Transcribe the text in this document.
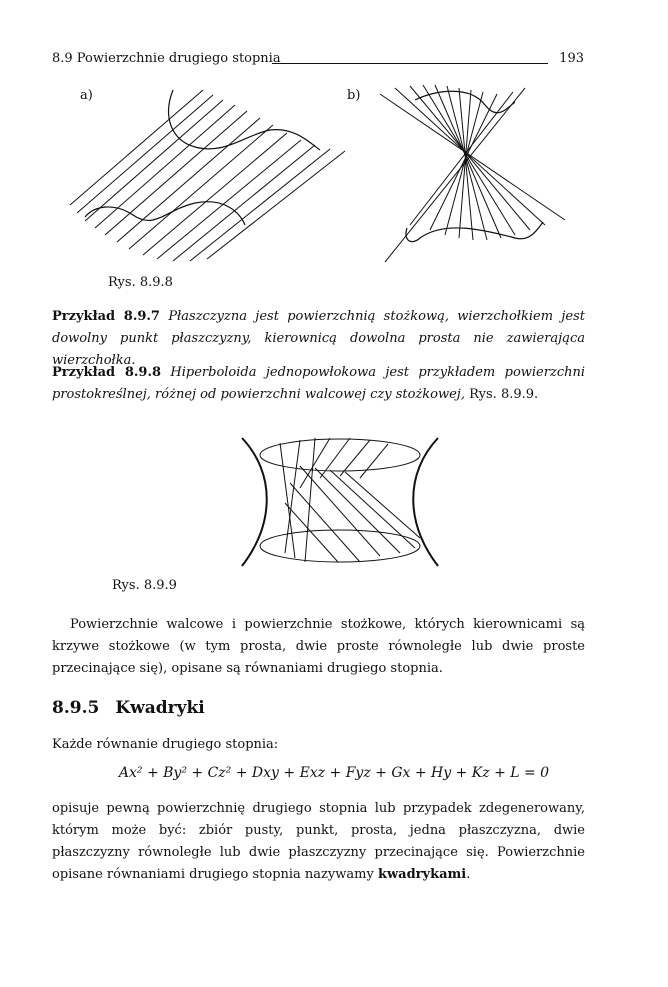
8.9 Powierzchnie drugiego stopnia	193
a)	b)
Rys. 8.9.8

Przykład 8.9.7 Płaszczyzna jest powierzchnią stożkową, wierzchołkiem jest dowolny punkt płaszczyzny, kierownicą dowolna prosta nie zawierająca wierzchołka.

Przykład 8.9.8 Hiperboloida jednopowłokowa jest przykładem powierzchni prostokreślnej, różnej od powierzchni walcowej czy stożkowej, Rys. 8.9.9.

Rys. 8.9.9

Powierzchnie walcowe i powierzchnie stożkowe, których kierownicami są krzywe stożkowe (w tym prosta, dwie proste równoległe lub dwie proste przecinające się), opisane są równaniami drugiego stopnia.

8.9.5 Kwadryki

Każde równanie drugiego stopnia:

Ax² + By² + Cz² + Dxy + Exz + Fyz + Gx + Hy + Kz + L = 0

opisuje pewną powierzchnię drugiego stopnia lub przypadek zdegenerowany, którym może być: zbiór pusty, punkt, prosta, jedna płaszczyzna, dwie płaszczyzny równoległe lub dwie płaszczyzny przecinające się. Powierzchnie opisane równaniami drugiego stopnia nazywamy kwadrykami.
